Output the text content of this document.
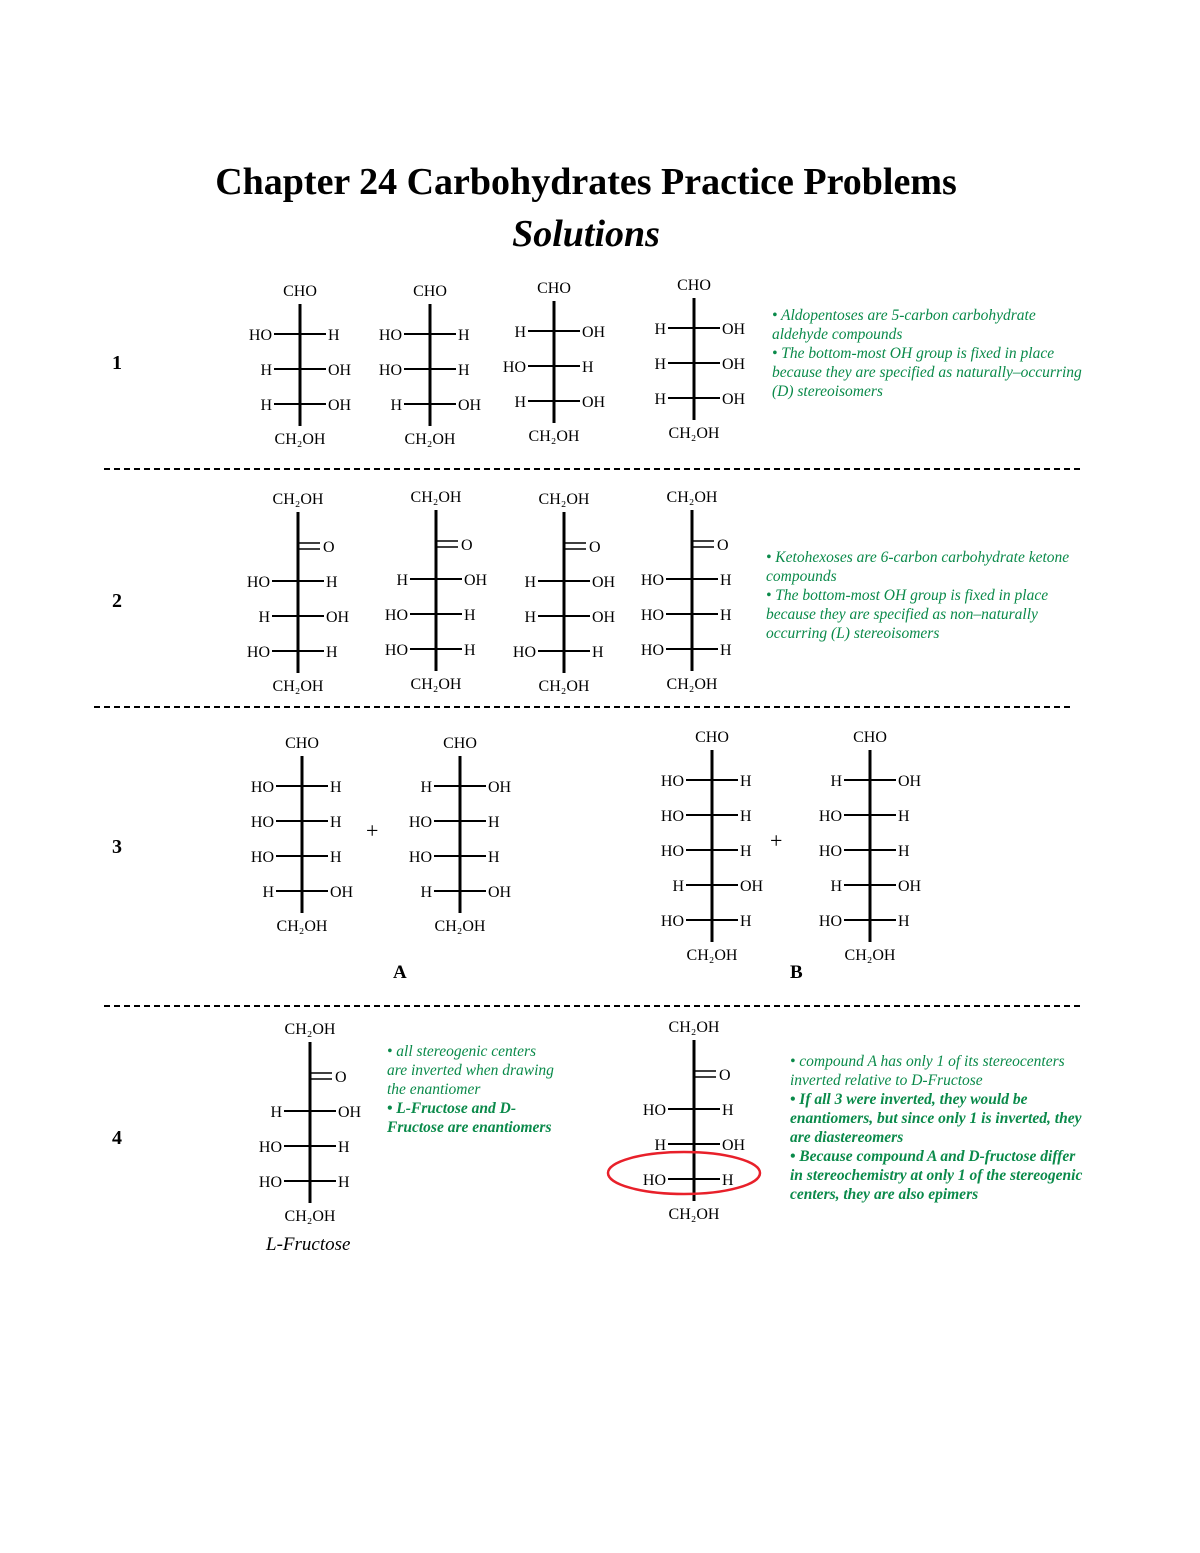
Chapter 24 Carbohydrates Practice Problems
Solutions
1
CHO
HO	H
H	OH
H	OH
CH₂OH
CHO
HO	H
HO	H
H	OH
CH₂OH
CHO
H	OH
HO	H
H	OH
CH₂OH
CHO
H	OH
H	OH
H	OH
CH₂OH
• Aldopentoses are 5-carbon carbohydrate aldehyde compounds
• The bottom-most OH group is fixed in place because they are specified as naturally–occurring (D) stereoisomers
2
CH₂OH
O
HO	H
H	OH
HO	H
CH₂OH
CH₂OH
O
H	OH
HO	H
HO	H
CH₂OH
CH₂OH
O
H	OH
H	OH
HO	H
CH₂OH
CH₂OH
O
HO	H
HO	H
HO	H
CH₂OH
• Ketohexoses are 6-carbon carbohydrate ketone compounds
• The bottom-most OH group is fixed in place because they are specified as non–naturally occurring (L) stereoisomers
3
CHO
HO	H
HO	H
HO	H
H	OH
CH₂OH
+
CHO
H	OH
HO	H
HO	H
H	OH
CH₂OH
CHO
HO	H
HO	H
HO	H
H	OH
HO	H
CH₂OH
+
CHO
H	OH
HO	H
HO	H
H	OH
HO	H
CH₂OH
A	B
4
CH₂OH
O
H	OH
HO	H
HO	H
CH₂OH
L-Fructose
• all stereogenic centers are inverted when drawing the enantiomer
• L-Fructose and D-Fructose are enantiomers
CH₂OH
O
HO	H
H	OH
HO	H
CH₂OH
• compound A has only 1 of its stereocenters inverted relative to D-Fructose
• If all 3 were inverted, they would be enantiomers, but since only 1 is inverted, they are diastereomers
• Because compound A and D-fructose differ in stereochemistry at only 1 of the stereogenic centers, they are also epimers
